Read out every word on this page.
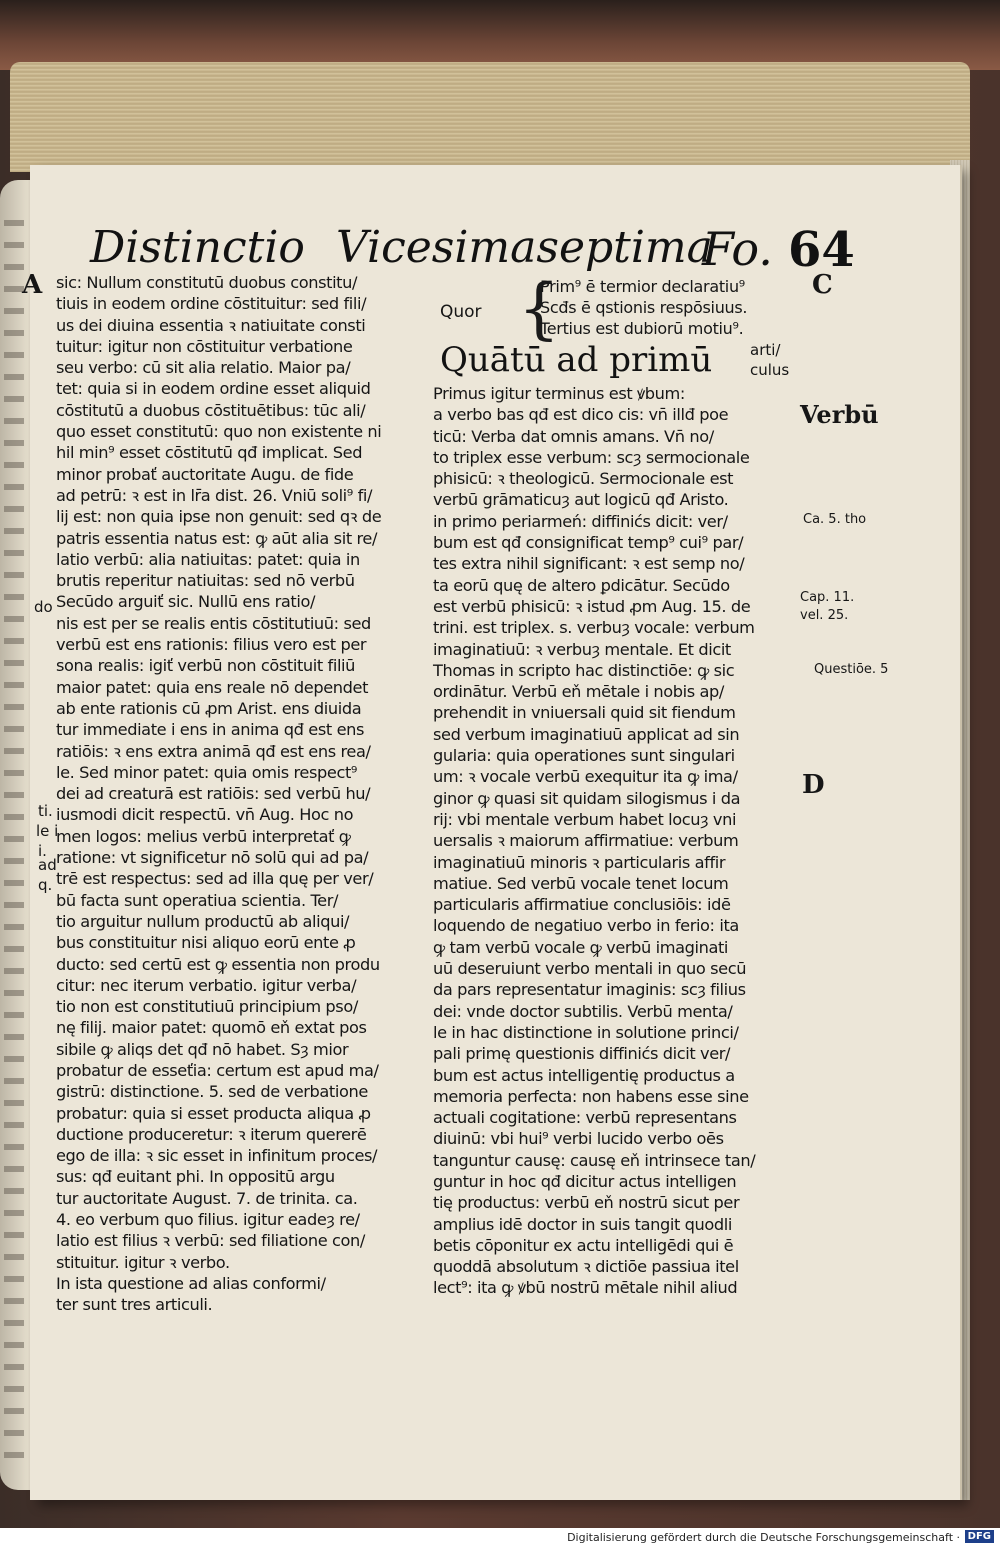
Distinctio Vicesimaseptima
Fo. 64
sic: Nullum constitutū duobus constitu/
tiuis in eodem ordine cōstituitur: sed fili/
us dei diuina essentia ꝛ natiuitate consti
tuitur: igitur non cōstituitur verbatione
seu verbo: cū sit alia relatio. Maior pa/
tet: quia si in eodem ordine esset aliquid
cōstitutū a duobus cōstituētibus: tūc ali/
quo esset constitutū: quo non existente ni
hil min⁹ esset cōstitutū qđ implicat. Sed
minor probať auctoritate Augu. de fide
ad petrū: ꝛ est in lr̄a dist. 26. Vniū soli⁹ fi/
lij est: non quia ipse non genuit: sed qꝛ de
patris essentia natus est: ꝙ aūt alia sit re/
latio verbū: alia natiuitas: patet: quia in
brutis reperitur natiuitas: sed nō verbū
Secūdo arguiť sic. Nullū ens ratio/
nis est per se realis entis cōstitutiuū: sed
verbū est ens rationis: filius vero est per
sona realis: igiť verbū non cōstituit filiū
maior patet: quia ens reale nō dependet
ab ente rationis cū ꝓm Arist. ens diuida
tur immediate i ens in anima qđ est ens
ratiōis: ꝛ ens extra animā qđ est ens rea/
le. Sed minor patet: quia omis respect⁹
dei ad creaturā est ratiōis: sed verbū hu/
iusmodi dicit respectū. vn̄ Aug. Hoc no
men logos: melius verbū interpretať ꝙ
ratione: vt significetur nō solū qui ad pa/
trē est respectus: sed ad illa quę per ver/
bū facta sunt operatiua scientia. Ter/
tio arguitur nullum productū ab aliqui/
bus constituitur nisi aliquo eorū ente ꝓ
ducto: sed certū est ꝙ essentia non produ
citur: nec iterum verbatio. igitur verba/
tio non est constitutiuū principium pso/
nę filij. maior patet: quomō eň extat pos
sibile ꝙ aliqs det qđ nō habet. Sȝ mior
probatur de esseťia: certum est apud ma/
gistrū: distinctione. 5. sed de verbatione
probatur: quia si esset producta aliqua ꝓ
ductione produceretur: ꝛ iterum quererē
ego de illa: ꝛ sic esset in infinitum proces/
sus: qđ euitant phi. In oppositū argu
tur auctoritate August. 7. de trinita. ca.
4. eo verbum quo filius. igitur eadeȝ re/
latio est filius ꝛ verbū: sed filiatione con/
stituitur. igitur ꝛ verbo.
In ista questione ad alias conformi/
ter sunt tres articuli.
Quor {
Prim⁹ ē termior declaratiu⁹
Scđs ē qstionis respōsiuus.
Tertius est dubiorū motiu⁹.
Quātū ad primū	arti/
culus
Primus igitur terminus est ꝟbum:
a verbo bas qđ est dico cis: vn̄ illđ poe
ticū: Verba dat omnis amans. Vn̄ no/
to triplex esse verbum: scȝ sermocionale
phisicū: ꝛ theologicū. Sermocionale est
verbū grāmaticuȝ aut logicū qđ Aristo.
in primo periarmeń: diffinićs dicit: ver/
bum est qđ consignificat temp⁹ cui⁹ par/
tes extra nihil significant: ꝛ est semp no/
ta eorū quę de altero ꝑdicātur. Secūdo
est verbū phisicū: ꝛ istud ꝓm Aug. 15. de
trini. est triplex. s. verbuȝ vocale: verbum
imaginatiuū: ꝛ verbuȝ mentale. Et dicit
Thomas in scripto hac distinctiōe: ꝙ sic
ordinātur. Verbū eň mētale i nobis ap/
prehendit in vniuersali quid sit fiendum
sed verbum imaginatiuū applicat ad sin
gularia: quia operationes sunt singulari
um: ꝛ vocale verbū exequitur ita ꝙ ima/
ginor ꝙ quasi sit quidam silogismus i da
rij: vbi mentale verbum habet locuȝ vni
uersalis ꝛ maiorum affirmatiue: verbum
imaginatiuū minoris ꝛ particularis affir
matiue. Sed verbū vocale tenet locum
particularis affirmatiue conclusiōis: idē
loquendo de negatiuo verbo in ferio: ita
ꝙ tam verbū vocale ꝙ verbū imaginati
uū deseruiunt verbo mentali in quo secū
da pars representatur imaginis: scȝ filius
dei: vnde doctor subtilis. Verbū menta/
le in hac distinctione in solutione princi/
pali primę questionis diffinićs dicit ver/
bum est actus intelligentię productus a
memoria perfecta: non habens esse sine
actuali cogitatione: verbū representans
diuinū: vbi hui⁹ verbi lucido verbo oēs
tanguntur causę: causę eň intrinsece tan/
guntur in hoc qđ dicitur actus intelligen
tię productus: verbū eň nostrū sicut per
amplius idē doctor in suis tangit quodli
betis cōponitur ex actu intelligēdi qui ē
quoddā absolutum ꝛ dictiōe passiua itel
lect⁹: ita ꝙ ꝟbū nostrū mētale nihil aliud
A
do
ti.
le i
i.
ad
q.
C
Verbū
Ca. 5. tho
Cap. 11.
vel. 25.
Questiōe. 5
D
Digitalisierung gefördert durch die Deutsche Forschungsgemeinschaft · DFG
